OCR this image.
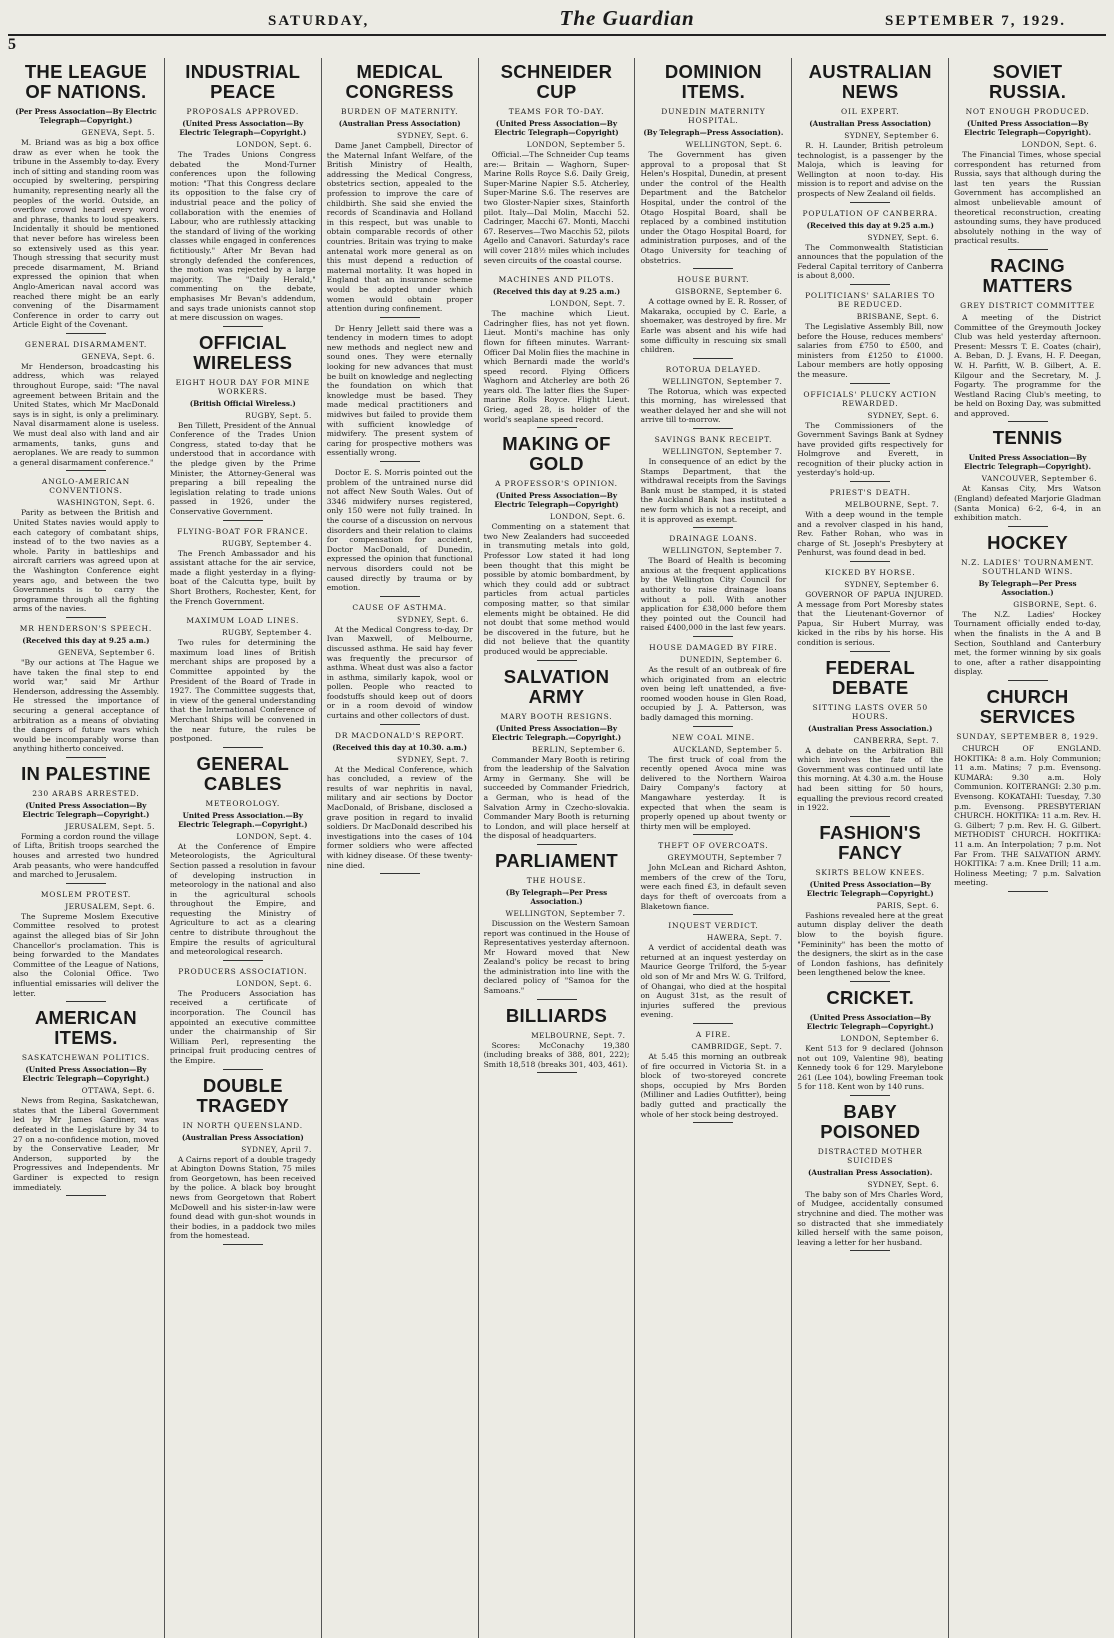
SATURDAY,	The Guardian	SEPTEMBER 7, 1929.
5
THE LEAGUE OF NATIONS.
(Per Press Association—By Electric Telegraph—Copyright.)
GENEVA, Sept. 5.
M. Briand was as big a box office draw as ever when he took the tribune in the Assembly to-day. Every inch of sitting and standing room was occupied by sweltering, perspiring humanity, representing nearly all the peoples of the world. Outside, an overflow crowd heard every word and phrase, thanks to loud speakers. Incidentally it should be mentioned that never before has wireless been so extensively used as this year. Though stressing that security must precede disarmament, M. Briand expressed the opinion that when Anglo-American naval accord was reached there might be an early convening of the Disarmament Conference in order to carry out Article Eight of the Covenant.
GENERAL DISARMAMENT.
GENEVA, Sept. 6.
Mr Henderson, broadcasting his address, which was relayed throughout Europe, said: "The naval agreement between Britain and the United States, which Mr MacDonald says is in sight, is only a preliminary. Naval disarmament alone is useless. We must deal also with land and air armaments, tanks, guns and aeroplanes. We are ready to summon a general disarmament conference."
ANGLO-AMERICAN CONVENTIONS.
WASHINGTON, Sept. 6.
Parity as between the British and United States navies would apply to each category of combatant ships, instead of to the two navies as a whole. Parity in battleships and aircraft carriers was agreed upon at the Washington Conference eight years ago, and between the two Governments is to carry the programme through all the fighting arms of the navies.
MR HENDERSON'S SPEECH.
(Received this day at 9.25 a.m.)
GENEVA, September 6.
"By our actions at The Hague we have taken the final step to end world war," said Mr Arthur Henderson, addressing the Assembly. He stressed the importance of securing a general acceptance of arbitration as a means of obviating the dangers of future wars which would be incomparably worse than anything hitherto conceived.
IN PALESTINE
230 ARABS ARRESTED.
(United Press Association—By Electric Telegraph—Copyright.)
JERUSALEM, Sept. 5.
Forming a cordon round the village of Lifta, British troops searched the houses and arrested two hundred Arab peasants, who were handcuffed and marched to Jerusalem.
MOSLEM PROTEST.
JERUSALEM, Sept. 6.
The Supreme Moslem Executive Committee resolved to protest against the alleged bias of Sir John Chancellor's proclamation. This is being forwarded to the Mandates Committee of the League of Nations, also the Colonial Office. Two influential emissaries will deliver the letter.
AMERICAN ITEMS.
SASKATCHEWAN POLITICS.
(United Press Association—By Electric Telegraph—Copyright.)
OTTAWA, Sept. 6.
News from Regina, Saskatchewan, states that the Liberal Government led by Mr James Gardiner, was defeated in the Legislature by 34 to 27 on a no-confidence motion, moved by the Conservative Leader, Mr Anderson, supported by the Progressives and Independents. Mr Gardiner is expected to resign immediately.
INDUSTRIAL PEACE
PROPOSALS APPROVED.
(United Press Association—By Electric Telegraph—Copyright.)
LONDON, Sept. 6.
The Trades Unions Congress debated the Mond-Turner conferences upon the following motion: "That this Congress declare its opposition to the false cry of industrial peace and the policy of collaboration with the enemies of Labour, who are ruthlessly attacking the standard of living of the working classes while engaged in conferences fictitiously." After Mr Bevan had strongly defended the conferences, the motion was rejected by a large majority. The "Daily Herald," commenting on the debate, emphasises Mr Bevan's addendum, and says trade unionists cannot stop at mere discussion on wages.
OFFICIAL WIRELESS
EIGHT HOUR DAY FOR MINE WORKERS.
(British Official Wireless.)
RUGBY, Sept. 5.
Ben Tillett, President of the Annual Conference of the Trades Union Congress, stated to-day that he understood that in accordance with the pledge given by the Prime Minister, the Attorney-General was preparing a bill repealing the legislation relating to trade unions passed in 1926, under the Conservative Government.
FLYING-BOAT FOR FRANCE.
RUGBY, September 4.
The French Ambassador and his assistant attache for the air service, made a flight yesterday in a flying-boat of the Calcutta type, built by Short Brothers, Rochester, Kent, for the French Government.
MAXIMUM LOAD LINES.
RUGBY, September 4.
Two rules for determining the maximum load lines of British merchant ships are proposed by a Committee appointed by the President of the Board of Trade in 1927. The Committee suggests that, in view of the general understanding that the International Conference of Merchant Ships will be convened in the near future, the rules be postponed.
GENERAL CABLES
METEOROLOGY.
United Press Association.—By Electric Telegraph.—Copyright.)
LONDON, Sept. 4.
At the Conference of Empire Meteorologists, the Agricultural Section passed a resolution in favour of developing instruction in meteorology in the national and also in the agricultural schools throughout the Empire, and requesting the Ministry of Agriculture to act as a clearing centre to distribute throughout the Empire the results of agricultural and meteorological research.
PRODUCERS ASSOCIATION.
LONDON, Sept. 6.
The Producers Association has received a certificate of incorporation. The Council has appointed an executive committee under the chairmanship of Sir William Perl, representing the principal fruit producing centres of the Empire.
DOUBLE TRAGEDY
IN NORTH QUEENSLAND.
(Australian Press Association)
SYDNEY, April 7.
A Cairns report of a double tragedy at Abington Downs Station, 75 miles from Georgetown, has been received by the police. A black boy brought news from Georgetown that Robert McDowell and his sister-in-law were found dead with gun-shot wounds in their bodies, in a paddock two miles from the homestead.
MEDICAL CONGRESS
BURDEN OF MATERNITY.
(Australian Press Association)
SYDNEY, Sept. 6.
Dame Janet Campbell, Director of the Maternal Infant Welfare, of the British Ministry of Health, addressing the Medical Congress, obstetrics section, appealed to the profession to improve the care of childbirth. She said she envied the records of Scandinavia and Holland in this respect, but was unable to obtain comparable records of other countries. Britain was trying to make antenatal work more general as on this must depend a reduction of maternal mortality. It was hoped in England that an insurance scheme would be adopted under which women would obtain proper attention during confinement.
Dr Henry Jellett said there was a tendency in modern times to adopt new methods and neglect new and sound ones. They were eternally looking for new advances that must be built on knowledge and neglecting the foundation on which that knowledge must be based. They made medical practitioners and midwives but failed to provide them with sufficient knowledge of midwifery. The present system of caring for prospective mothers was essentially wrong.
Doctor E. S. Morris pointed out the problem of the untrained nurse did not affect New South Wales. Out of 3346 midwifery nurses registered, only 150 were not fully trained. In the course of a discussion on nervous disorders and their relation to claims for compensation for accident, Doctor MacDonald, of Dunedin, expressed the opinion that functional nervous disorders could not be caused directly by trauma or by emotion.
CAUSE OF ASTHMA.
SYDNEY, Sept. 6.
At the Medical Congress to-day, Dr Ivan Maxwell, of Melbourne, discussed asthma. He said hay fever was frequently the precursor of asthma. Wheat dust was also a factor in asthma, similarly kapok, wool or pollen. People who reacted to foodstuffs should keep out of doors or in a room devoid of window curtains and other collectors of dust.
DR MACDONALD'S REPORT.
(Received this day at 10.30. a.m.)
SYDNEY, Sept. 7.
At the Medical Conference, which has concluded, a review of the results of war nephritis in naval, military and air sections by Doctor MacDonald, of Brisbane, disclosed a grave position in regard to invalid soldiers. Dr MacDonald described his investigations into the cases of 104 former soldiers who were affected with kidney disease. Of these twenty-nine died.
SCHNEIDER CUP
TEAMS FOR TO-DAY.
(United Press Association—By Electric Telegraph—Copyright)
LONDON, September 5.
Official.—The Schneider Cup teams are:— Britain — Waghorn, Super-Marine Rolls Royce S.6. Daily Greig, Super-Marine Napier S.5. Atcherley, Super-Marine S.6. The reserves are two Gloster-Napier sixes, Stainforth pilot. Italy—Dal Molin, Macchi 52. Cadringer, Macchi 67. Monti, Macchi 67. Reserves—Two Macchis 52, pilots Agello and Canavori. Saturday's race will cover 218½ miles which includes seven circuits of the coastal course.
MACHINES AND PILOTS.
(Received this day at 9.25 a.m.)
LONDON, Sept. 7.
The machine which Lieut. Cadringher flies, has not yet flown. Lieut. Monti's machine has only flown for fifteen minutes. Warrant-Officer Dal Molin flies the machine in which Bernardi made the world's speed record. Flying Officers Waghorn and Atcherley are both 26 years old. The latter flies the Super-marine Rolls Royce. Flight Lieut. Grieg, aged 28, is holder of the world's seaplane speed record.
MAKING OF GOLD
A PROFESSOR'S OPINION.
(United Press Association—By Electric Telegraph—Copyright)
LONDON, Sept. 6.
Commenting on a statement that two New Zealanders had succeeded in transmuting metals into gold, Professor Low stated it had long been thought that this might be possible by atomic bombardment, by which they could add or subtract particles from actual particles composing matter, so that similar elements might be obtained. He did not doubt that some method would be discovered in the future, but he did not believe that the quantity produced would be appreciable.
SALVATION ARMY
MARY BOOTH RESIGNS.
(United Press Association—By Electric Telegraph.—Copyright.)
BERLIN, September 6.
Commander Mary Booth is retiring from the leadership of the Salvation Army in Germany. She will be succeeded by Commander Friedrich, a German, who is head of the Salvation Army in Czecho-slovakia. Commander Mary Booth is returning to London, and will place herself at the disposal of headquarters.
PARLIAMENT
THE HOUSE.
(By Telegraph—Per Press Association.)
WELLINGTON, September 7.
Discussion on the Western Samoan report was continued in the House of Representatives yesterday afternoon. Mr Howard moved that New Zealand's policy be recast to bring the administration into line with the declared policy of "Samoa for the Samoans."
BILLIARDS
MELBOURNE, Sept. 7.
Scores: McConachy 19,380 (including breaks of 388, 801, 222); Smith 18,518 (breaks 301, 403, 461).
DOMINION ITEMS.
DUNEDIN MATERNITY HOSPITAL.
(By Telegraph—Press Association).
WELLINGTON, Sept. 6.
The Government has given approval to a proposal that St Helen's Hospital, Dunedin, at present under the control of the Health Department and the Batchelor Hospital, under the control of the Otago Hospital Board, shall be replaced by a combined institution under the Otago Hospital Board, for administration purposes, and of the Otago University for teaching of obstetrics.
HOUSE BURNT.
GISBORNE, September 6.
A cottage owned by E. R. Rosser, of Makaraka, occupied by C. Earle, a shoemaker, was destroyed by fire. Mr Earle was absent and his wife had some difficulty in rescuing six small children.
ROTORUA DELAYED.
WELLINGTON, September 7.
The Rotorua, which was expected this morning, has wirelessed that weather delayed her and she will not arrive till to-morrow.
SAVINGS BANK RECEIPT.
WELLINGTON, September 7.
In consequence of an edict by the Stamps Department, that the withdrawal receipts from the Savings Bank must be stamped, it is stated the Auckland Bank has instituted a new form which is not a receipt, and it is approved as exempt.
DRAINAGE LOANS.
WELLINGTON, September 7.
The Board of Health is becoming anxious at the frequent applications by the Wellington City Council for authority to raise drainage loans without a poll. With another application for £38,000 before them they pointed out the Council had raised £400,000 in the last few years.
HOUSE DAMAGED BY FIRE.
DUNEDIN, September 6.
As the result of an outbreak of fire which originated from an electric oven being left unattended, a five-roomed wooden house in Glen Road, occupied by J. A. Patterson, was badly damaged this morning.
NEW COAL MINE.
AUCKLAND, September 5.
The first truck of coal from the recently opened Avoca mine was delivered to the Northern Wairoa Dairy Company's factory at Mangawhare yesterday. It is expected that when the seam is properly opened up about twenty or thirty men will be employed.
THEFT OF OVERCOATS.
GREYMOUTH, September 7
John McLean and Richard Ashton, members of the crew of the Toru, were each fined £3, in default seven days for theft of overcoats from a Blaketown fiance.
INQUEST VERDICT.
HAWERA, Sept. 7.
A verdict of accidental death was returned at an inquest yesterday on Maurice George Trilford, the 5-year old son of Mr and Mrs W. G. Trilford, of Ohangai, who died at the hospital on August 31st, as the result of injuries suffered the previous evening.
A FIRE.
CAMBRIDGE, Sept. 7.
At 5.45 this morning an outbreak of fire occurred in Victoria St. in a block of two-storeyed concrete shops, occupied by Mrs Borden (Milliner and Ladies Outfitter), being badly gutted and practically the whole of her stock being destroyed.
AUSTRALIAN NEWS
OIL EXPERT.
(Australian Press Association)
SYDNEY, September 6.
R. H. Launder, British petroleum technologist, is a passenger by the Maloja, which is leaving for Wellington at noon to-day. His mission is to report and advise on the prospects of New Zealand oil fields.
POPULATION OF CANBERRA.
(Received this day at 9.25 a.m.)
SYDNEY, Sept. 6.
The Commonwealth Statistician announces that the population of the Federal Capital territory of Canberra is about 8,000.
POLITICIANS' SALARIES TO BE REDUCED.
BRISBANE, Sept. 6.
The Legislative Assembly Bill, now before the House, reduces members' salaries from £750 to £500, and ministers from £1250 to £1000. Labour members are hotly opposing the measure.
OFFICIALS' PLUCKY ACTION REWARDED.
SYDNEY, Sept. 6.
The Commissioners of the Government Savings Bank at Sydney have provided gifts respectively for Holmgrove and Everett, in recognition of their plucky action in yesterday's hold-up.
PRIEST'S DEATH.
MELBOURNE, Sept. 7.
With a deep wound in the temple and a revolver clasped in his hand, Rev. Father Rohan, who was in charge of St. Joseph's Presbytery at Penhurst, was found dead in bed.
KICKED BY HORSE.
SYDNEY, September 6.
GOVERNOR OF PAPUA INJURED. A message from Port Moresby states that the Lieutenant-Governor of Papua, Sir Hubert Murray, was kicked in the ribs by his horse. His condition is serious.
FEDERAL DEBATE
SITTING LASTS OVER 50 HOURS.
(Australian Press Association.)
CANBERRA, Sept. 7.
A debate on the Arbitration Bill which involves the fate of the Government was continued until late this morning. At 4.30 a.m. the House had been sitting for 50 hours, equalling the previous record created in 1922.
FASHION'S FANCY
SKIRTS BELOW KNEES.
(United Press Association—By Electric Telegraph—Copyright.)
PARIS, Sept. 6.
Fashions revealed here at the great autumn display deliver the death blow to the boyish figure. "Femininity" has been the motto of the designers, the skirt as in the case of London fashions, has definitely been lengthened below the knee.
CRICKET.
(United Press Association—By Electric Telegraph—Copyright.)
LONDON, September 6.
Kent 513 for 9 declared (Johnson not out 109, Valentine 98), beating Kennedy took 6 for 129. Marylebone 261 (Lee 104), bowling Freeman took 5 for 118. Kent won by 140 runs.
BABY POISONED
DISTRACTED MOTHER SUICIDES
(Australian Press Association).
SYDNEY, Sept. 6.
The baby son of Mrs Charles Word, of Mudgee, accidentally consumed strychnine and died. The mother was so distracted that she immediately killed herself with the same poison, leaving a letter for her husband.
SOVIET RUSSIA.
NOT ENOUGH PRODUCED.
(United Press Association—By Electric Telegraph—Copyright).
LONDON, Sept. 6.
The Financial Times, whose special correspondent has returned from Russia, says that although during the last ten years the Russian Government has accomplished an almost unbelievable amount of theoretical reconstruction, creating astounding sums, they have produced absolutely nothing in the way of practical results.
RACING MATTERS
GREY DISTRICT COMMITTEE
A meeting of the District Committee of the Greymouth Jockey Club was held yesterday afternoon. Present: Messrs T. E. Coates (chair), A. Beban, D. J. Evans, H. F. Deegan, W. H. Parfitt, W. B. Gilbert, A. E. Kilgour and the Secretary, M. J. Fogarty. The programme for the Westland Racing Club's meeting, to be held on Boxing Day, was submitted and approved.
TENNIS
United Press Association—By Electric Telegraph—Copyright).
VANCOUVER, September 6.
At Kansas City, Mrs Watson (England) defeated Marjorie Gladman (Santa Monica) 6-2, 6-4, in an exhibition match.
HOCKEY
N.Z. LADIES' TOURNAMENT. SOUTHLAND WINS.
By Telegraph—Per Press Association.)
GISBORNE, Sept. 6.
The N.Z. Ladies' Hockey Tournament officially ended to-day, when the finalists in the A and B Section, Southland and Canterbury met, the former winning by six goals to one, after a rather disappointing display.
CHURCH SERVICES
SUNDAY, SEPTEMBER 8, 1929.
CHURCH OF ENGLAND. HOKITIKA: 8 a.m. Holy Communion; 11 a.m. Matins; 7 p.m. Evensong. KUMARA: 9.30 a.m. Holy Communion. KOITERANGI: 2.30 p.m. Evensong. KOKATAHI: Tuesday, 7.30 p.m. Evensong. PRESBYTERIAN CHURCH. HOKITIKA: 11 a.m. Rev. H. G. Gilbert; 7 p.m. Rev. H. G. Gilbert. METHODIST CHURCH. HOKITIKA: 11 a.m. An Interpolation; 7 p.m. Not Far From. THE SALVATION ARMY. HOKITIKA: 7 a.m. Knee Drill; 11 a.m. Holiness Meeting; 7 p.m. Salvation meeting.
